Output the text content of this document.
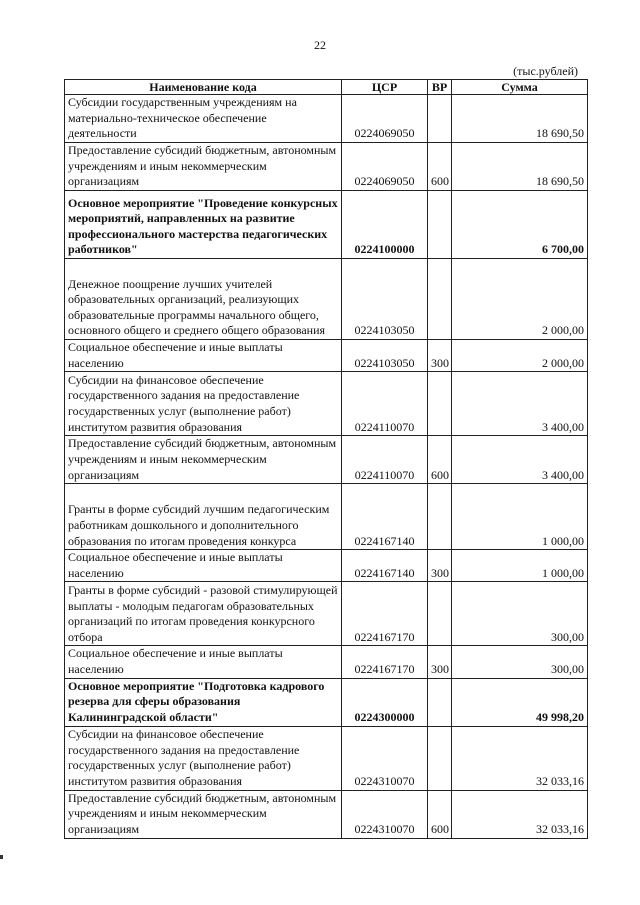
22
(тыс.рублей)
Наименование кода	ЦСР	ВР	Сумма
Субсидии государственным учреждениям на материально-техническое обеспечение деятельности	0224069050		18 690,50
Предоставление субсидий бюджетным, автономным учреждениям и иным некоммерческим организациям	0224069050	600	18 690,50
Основное мероприятие "Проведение конкурсных мероприятий, направленных на развитие профессионального мастерства педагогических работников"	0224100000		6 700,00
Денежное поощрение лучших учителей образовательных организаций, реализующих образовательные программы начального общего, основного общего и среднего общего образования	0224103050		2 000,00
Социальное обеспечение и иные выплаты населению	0224103050	300	2 000,00
Субсидии на финансовое обеспечение государственного задания на предоставление государственных услуг (выполнение работ) институтом развития образования	0224110070		3 400,00
Предоставление субсидий бюджетным, автономным учреждениям и иным некоммерческим организациям	0224110070	600	3 400,00
Гранты в форме субсидий лучшим педагогическим работникам дошкольного и дополнительного образования по итогам проведения конкурса	0224167140		1 000,00
Социальное обеспечение и иные выплаты населению	0224167140	300	1 000,00
Гранты в форме субсидий - разовой стимулирующей выплаты - молодым педагогам образовательных организаций по итогам проведения конкурсного отбора	0224167170		300,00
Социальное обеспечение и иные выплаты населению	0224167170	300	300,00
Основное мероприятие "Подготовка кадрового резерва для сферы образования Калининградской области"	0224300000		49 998,20
Субсидии на финансовое обеспечение государственного задания на предоставление государственных услуг (выполнение работ) институтом развития образования	0224310070		32 033,16
Предоставление субсидий бюджетным, автономным учреждениям и иным некоммерческим организациям	0224310070	600	32 033,16
